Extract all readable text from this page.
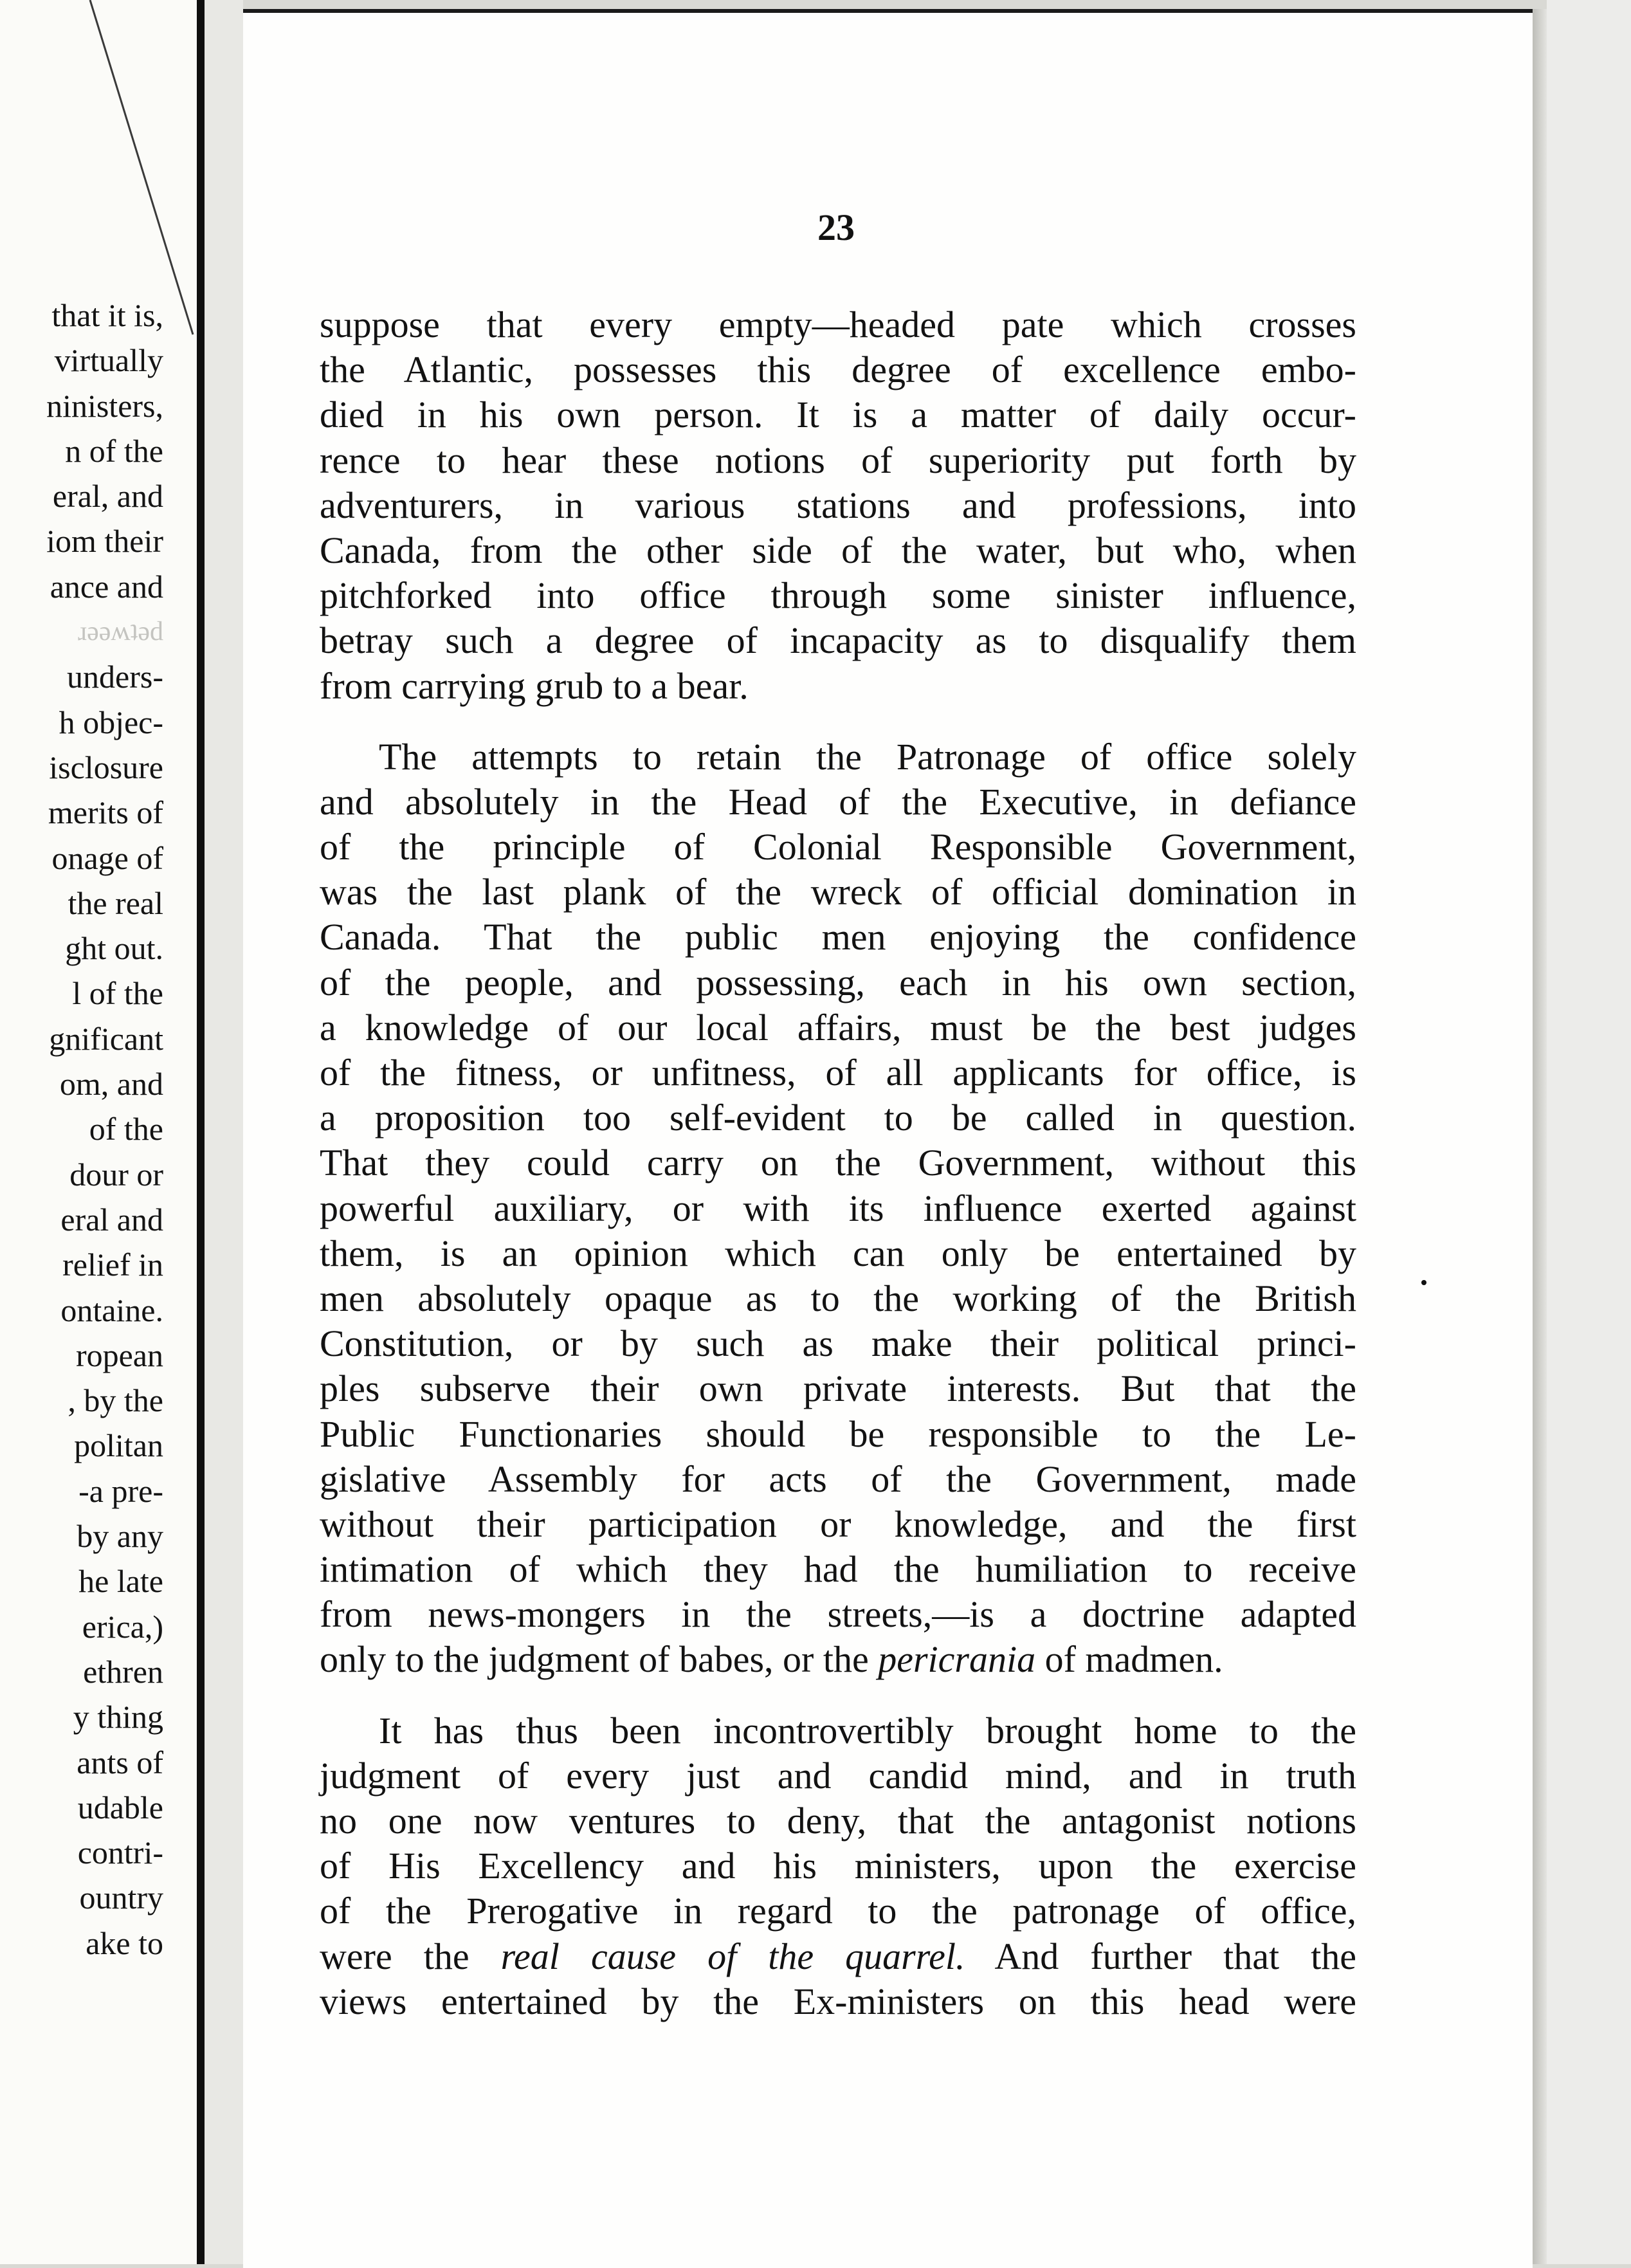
that it is,
virtually
ninisters,
n of the
eral, and
iom their
ance and
ɹəəʍʇəd
unders-
h objec-
isclosure
merits of
onage of
the real
ght out.
l of the
gnificant
om, and
of the
dour or
eral and
relief in
ontaine.
ropean
, by the
politan
-a pre-
by any
he late
erica,)
ethren
y thing
ants of
udable
contri-
ountry
ake to
23
suppose that every empty—headed pate which crosses
the Atlantic, possesses this degree of excellence embo-
died in his own person. It is a matter of daily occur-
rence to hear these notions of superiority put forth by
adventurers, in various stations and professions, into
Canada, from the other side of the water, but who, when
pitchforked into office through some sinister influence,
betray such a degree of incapacity as to disqualify them
from carrying grub to a bear.
The attempts to retain the Patronage of office solely
and absolutely in the Head of the Executive, in defiance
of the principle of Colonial Responsible Government,
was the last plank of the wreck of official domination in
Canada. That the public men enjoying the confidence
of the people, and possessing, each in his own section,
a knowledge of our local affairs, must be the best judges
of the fitness, or unfitness, of all applicants for office, is
a proposition too self-evident to be called in question.
That they could carry on the Government, without this
powerful auxiliary, or with its influence exerted against
them, is an opinion which can only be entertained by
men absolutely opaque as to the working of the British
Constitution, or by such as make their political princi-
ples subserve their own private interests. But that the
Public Functionaries should be responsible to the Le-
gislative Assembly for acts of the Government, made
without their participation or knowledge, and the first
intimation of which they had the humiliation to receive
from news-mongers in the streets,—is a doctrine adapted
only to the judgment of babes, or the pericrania of madmen.
It has thus been incontrovertibly brought home to the
judgment of every just and candid mind, and in truth
no one now ventures to deny, that the antagonist notions
of His Excellency and his ministers, upon the exercise
of the Prerogative in regard to the patronage of office,
were the real cause of the quarrel. And further that the
views entertained by the Ex-ministers on this head were
